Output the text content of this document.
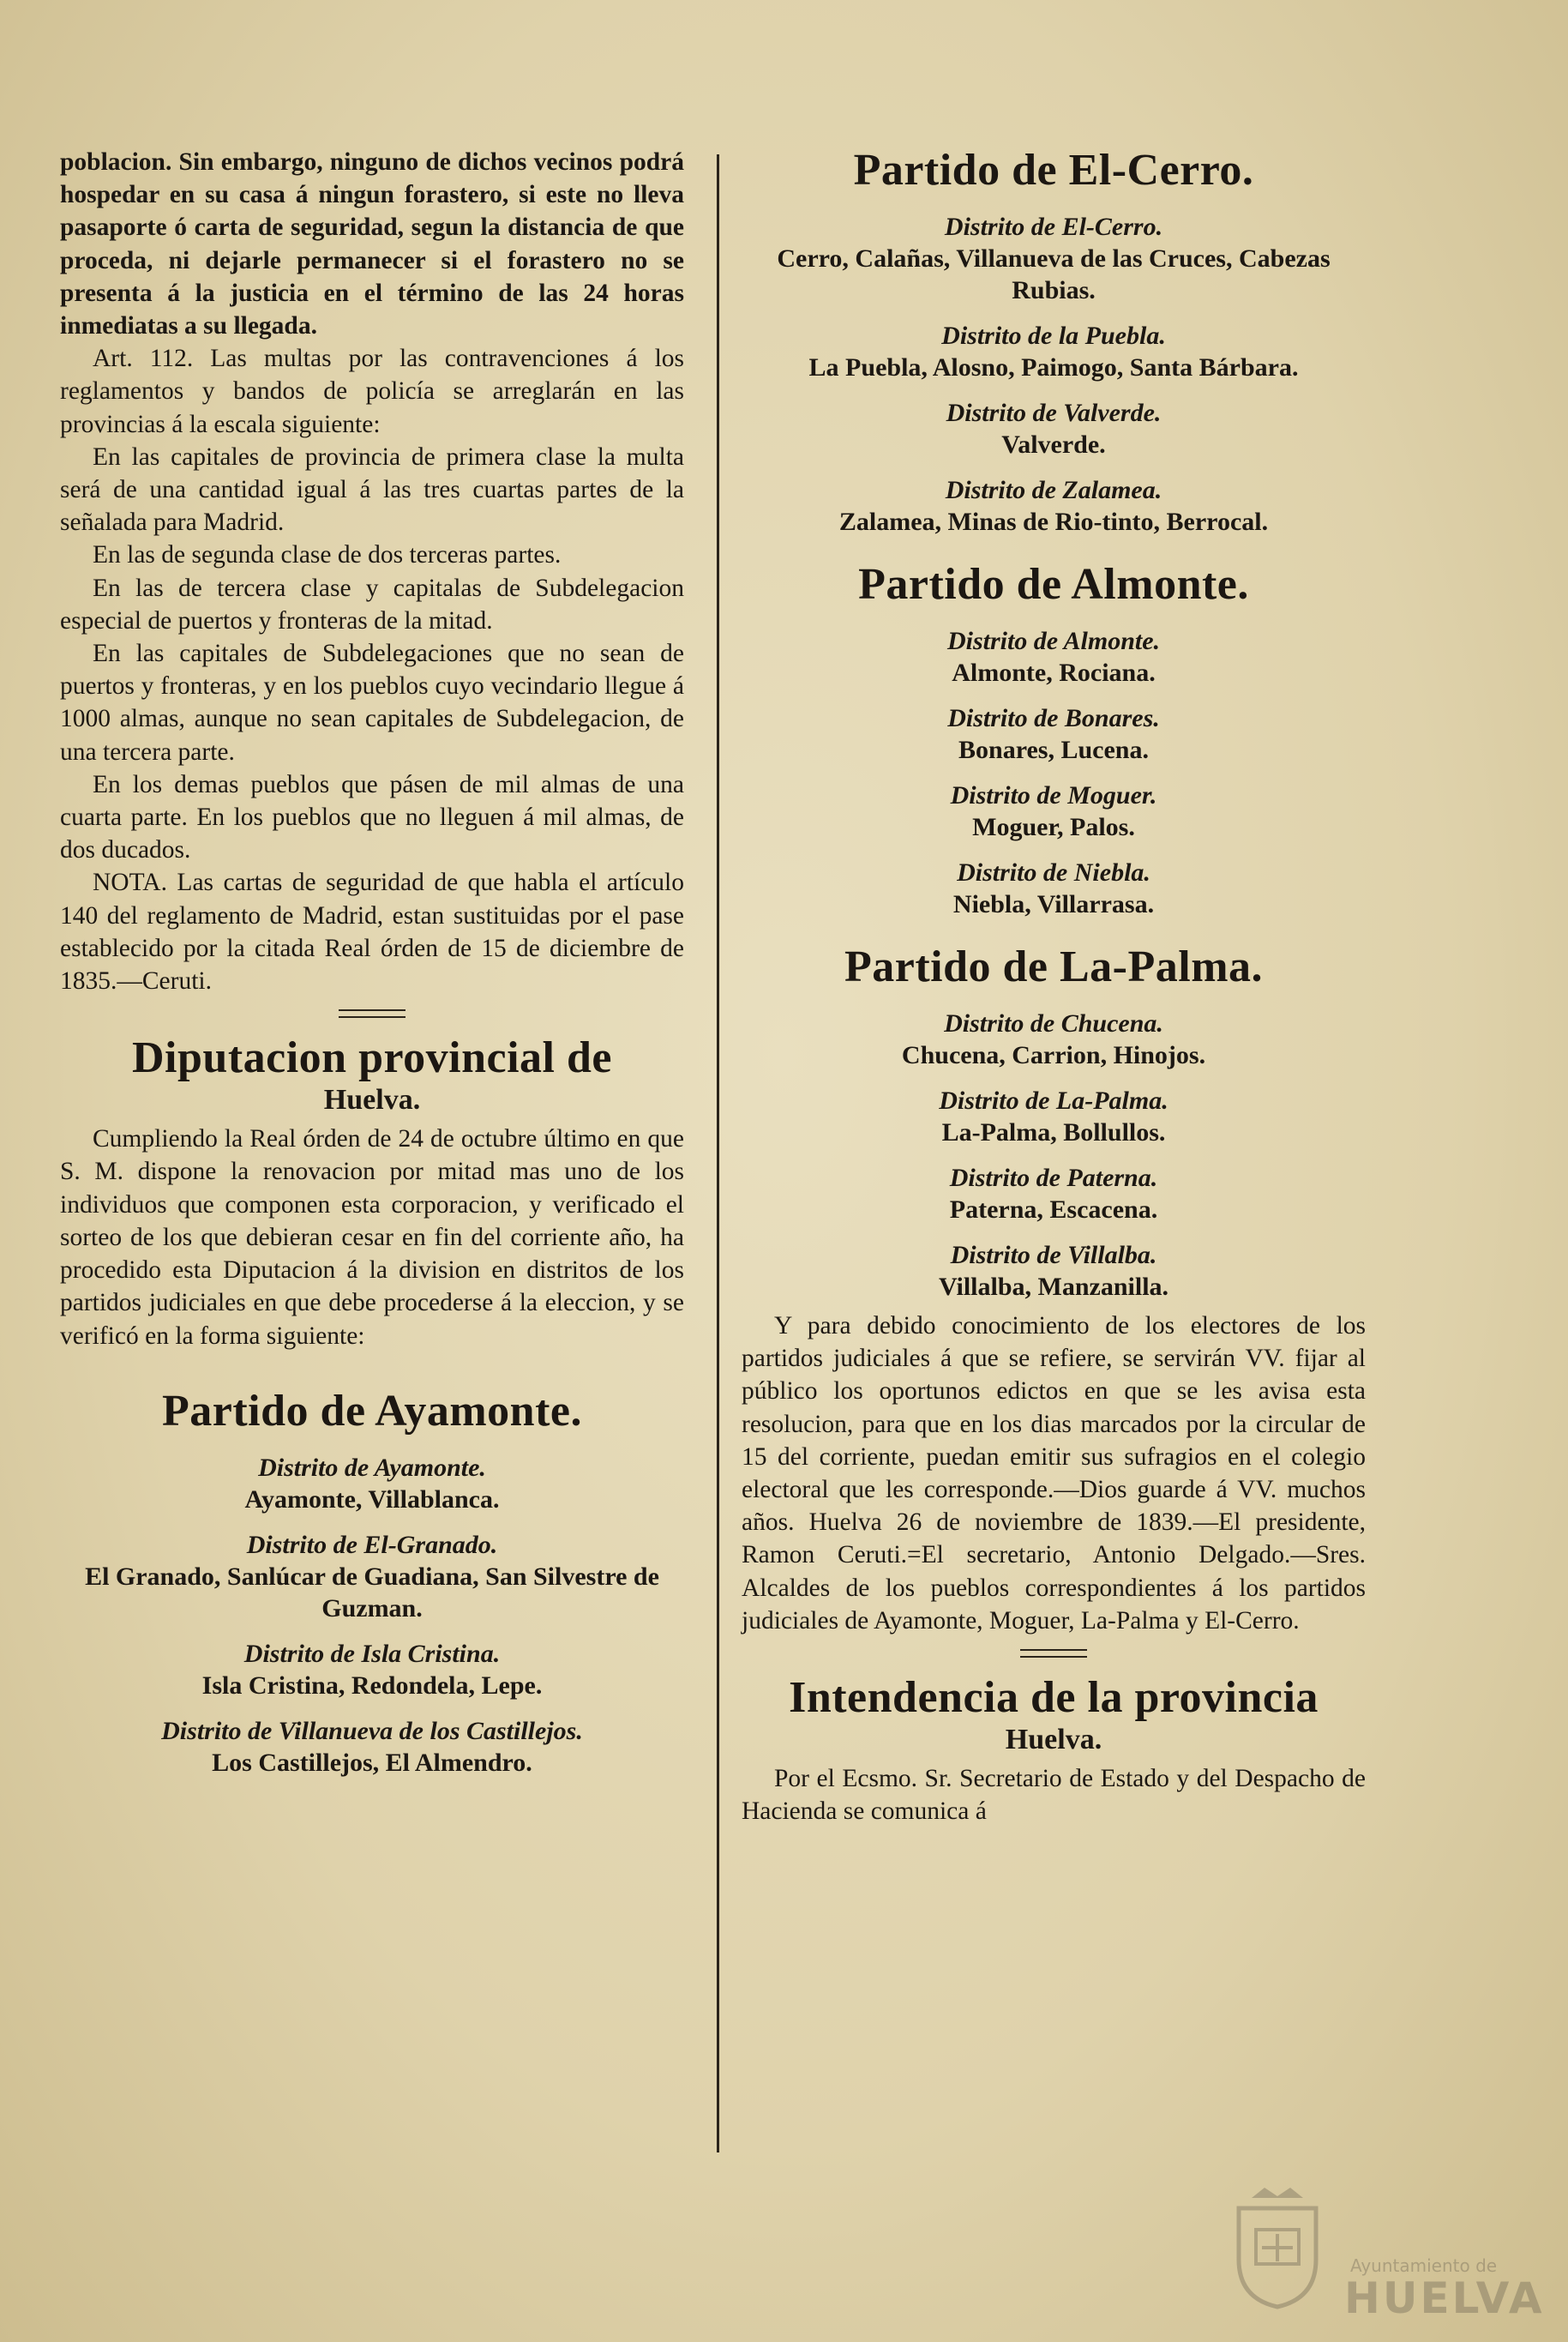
poblacion. Sin embargo, ninguno de dichos vecinos podrá hospedar en su casa á ningun forastero, si este no lleva pasaporte ó carta de seguridad, segun la distancia de que proceda, ni dejarle permanecer si el forastero no se presenta á la justicia en el término de las 24 horas inmediatas a su llegada.

Art. 112. Las multas por las contravenciones á los reglamentos y bandos de policía se arreglarán en las provincias á la escala siguiente:

En las capitales de provincia de primera clase la multa será de una cantidad igual á las tres cuartas partes de la señalada para Madrid.

En las de segunda clase de dos terceras partes.

En las de tercera clase y capitalas de Subdelegacion especial de puertos y fronteras de la mitad.

En las capitales de Subdelegaciones que no sean de puertos y fronteras, y en los pueblos cuyo vecindario llegue á 1000 almas, aunque no sean capitales de Subdelegacion, de una tercera parte.

En los demas pueblos que pásen de mil almas de una cuarta parte. En los pueblos que no lleguen á mil almas, de dos ducados.

NOTA. Las cartas de seguridad de que habla el artículo 140 del reglamento de Madrid, estan sustituidas por el pase establecido por la citada Real órden de 15 de diciembre de 1835.—Ceruti.

Diputacion provincial de
Huelva.

Cumpliendo la Real órden de 24 de octubre último en que S. M. dispone la renovacion por mitad mas uno de los individuos que componen esta corporacion, y verificado el sorteo de los que debieran cesar en fin del corriente año, ha procedido esta Diputacion á la division en distritos de los partidos judiciales en que debe procederse á la eleccion, y se verificó en la forma siguiente:

Partido de Ayamonte.
Distrito de Ayamonte.
Ayamonte, Villablanca.
Distrito de El-Granado.
El Granado, Sanlúcar de Guadiana, San Silvestre de Guzman.
Distrito de Isla Cristina.
Isla Cristina, Redondela, Lepe.
Distrito de Villanueva de los Castillejos.
Los Castillejos, El Almendro.
Partido de El-Cerro.
Distrito de El-Cerro.
Cerro, Calañas, Villanueva de las Cruces, Cabezas Rubias.
Distrito de la Puebla.
La Puebla, Alosno, Paimogo, Santa Bárbara.
Distrito de Valverde.
Valverde.
Distrito de Zalamea.
Zalamea, Minas de Rio-tinto, Berrocal.
Partido de Almonte.
Distrito de Almonte.
Almonte, Rociana.
Distrito de Bonares.
Bonares, Lucena.
Distrito de Moguer.
Moguer, Palos.
Distrito de Niebla.
Niebla, Villarrasa.
Partido de La-Palma.
Distrito de Chucena.
Chucena, Carrion, Hinojos.
Distrito de La-Palma.
La-Palma, Bollullos.
Distrito de Paterna.
Paterna, Escacena.
Distrito de Villalba.
Villalba, Manzanilla.

Y para debido conocimiento de los electores de los partidos judiciales á que se refiere, se servirán VV. fijar al público los oportunos edictos en que se les avisa esta resolucion, para que en los dias marcados por la circular de 15 del corriente, puedan emitir sus sufragios en el colegio electoral que les corresponde.—Dios guarde á VV. muchos años. Huelva 26 de noviembre de 1839.—El presidente, Ramon Ceruti.=El secretario, Antonio Delgado.—Sres. Alcaldes de los pueblos correspondientes á los partidos judiciales de Ayamonte, Moguer, La-Palma y El-Cerro.

Intendencia de la provincia
Huelva.

Por el Ecsmo. Sr. Secretario de Estado y del Despacho de Hacienda se comunica á

Ayuntamiento de
HUELVA
